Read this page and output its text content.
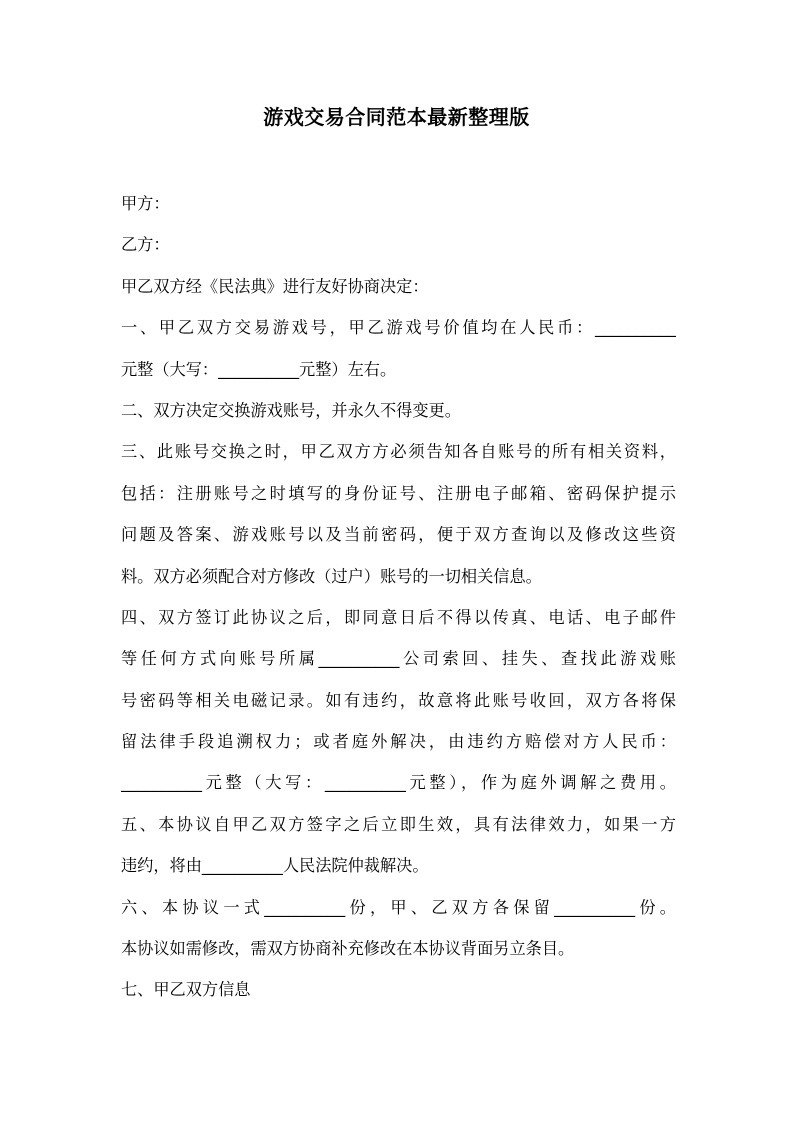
游戏交易合同范本最新整理版
甲方：
乙方：
甲乙双方经《民法典》进行友好协商决定：
一、甲乙双方交易游戏号，甲乙游戏号价值均在人民币：__________
元整（大写：__________元整）左右。
二、双方决定交换游戏账号，并永久不得变更。
三、此账号交换之时，甲乙双方方必须告知各自账号的所有相关资料，
包括：注册账号之时填写的身份证号、注册电子邮箱、密码保护提示
问题及答案、游戏账号以及当前密码，便于双方查询以及修改这些资
料。双方必须配合对方修改（过户）账号的一切相关信息。
四、双方签订此协议之后，即同意日后不得以传真、电话、电子邮件
等任何方式向账号所属__________公司索回、挂失、查找此游戏账
号密码等相关电磁记录。如有违约，故意将此账号收回，双方各将保
留法律手段追溯权力；或者庭外解决，由违约方赔偿对方人民币：
__________元整（大写：__________元整），作为庭外调解之费用。
五、本协议自甲乙双方签字之后立即生效，具有法律效力，如果一方
违约，将由__________人民法院仲裁解决。
六、本协议一式__________份，甲、乙双方各保留__________份。
本协议如需修改，需双方协商补充修改在本协议背面另立条目。
七、甲乙双方信息
